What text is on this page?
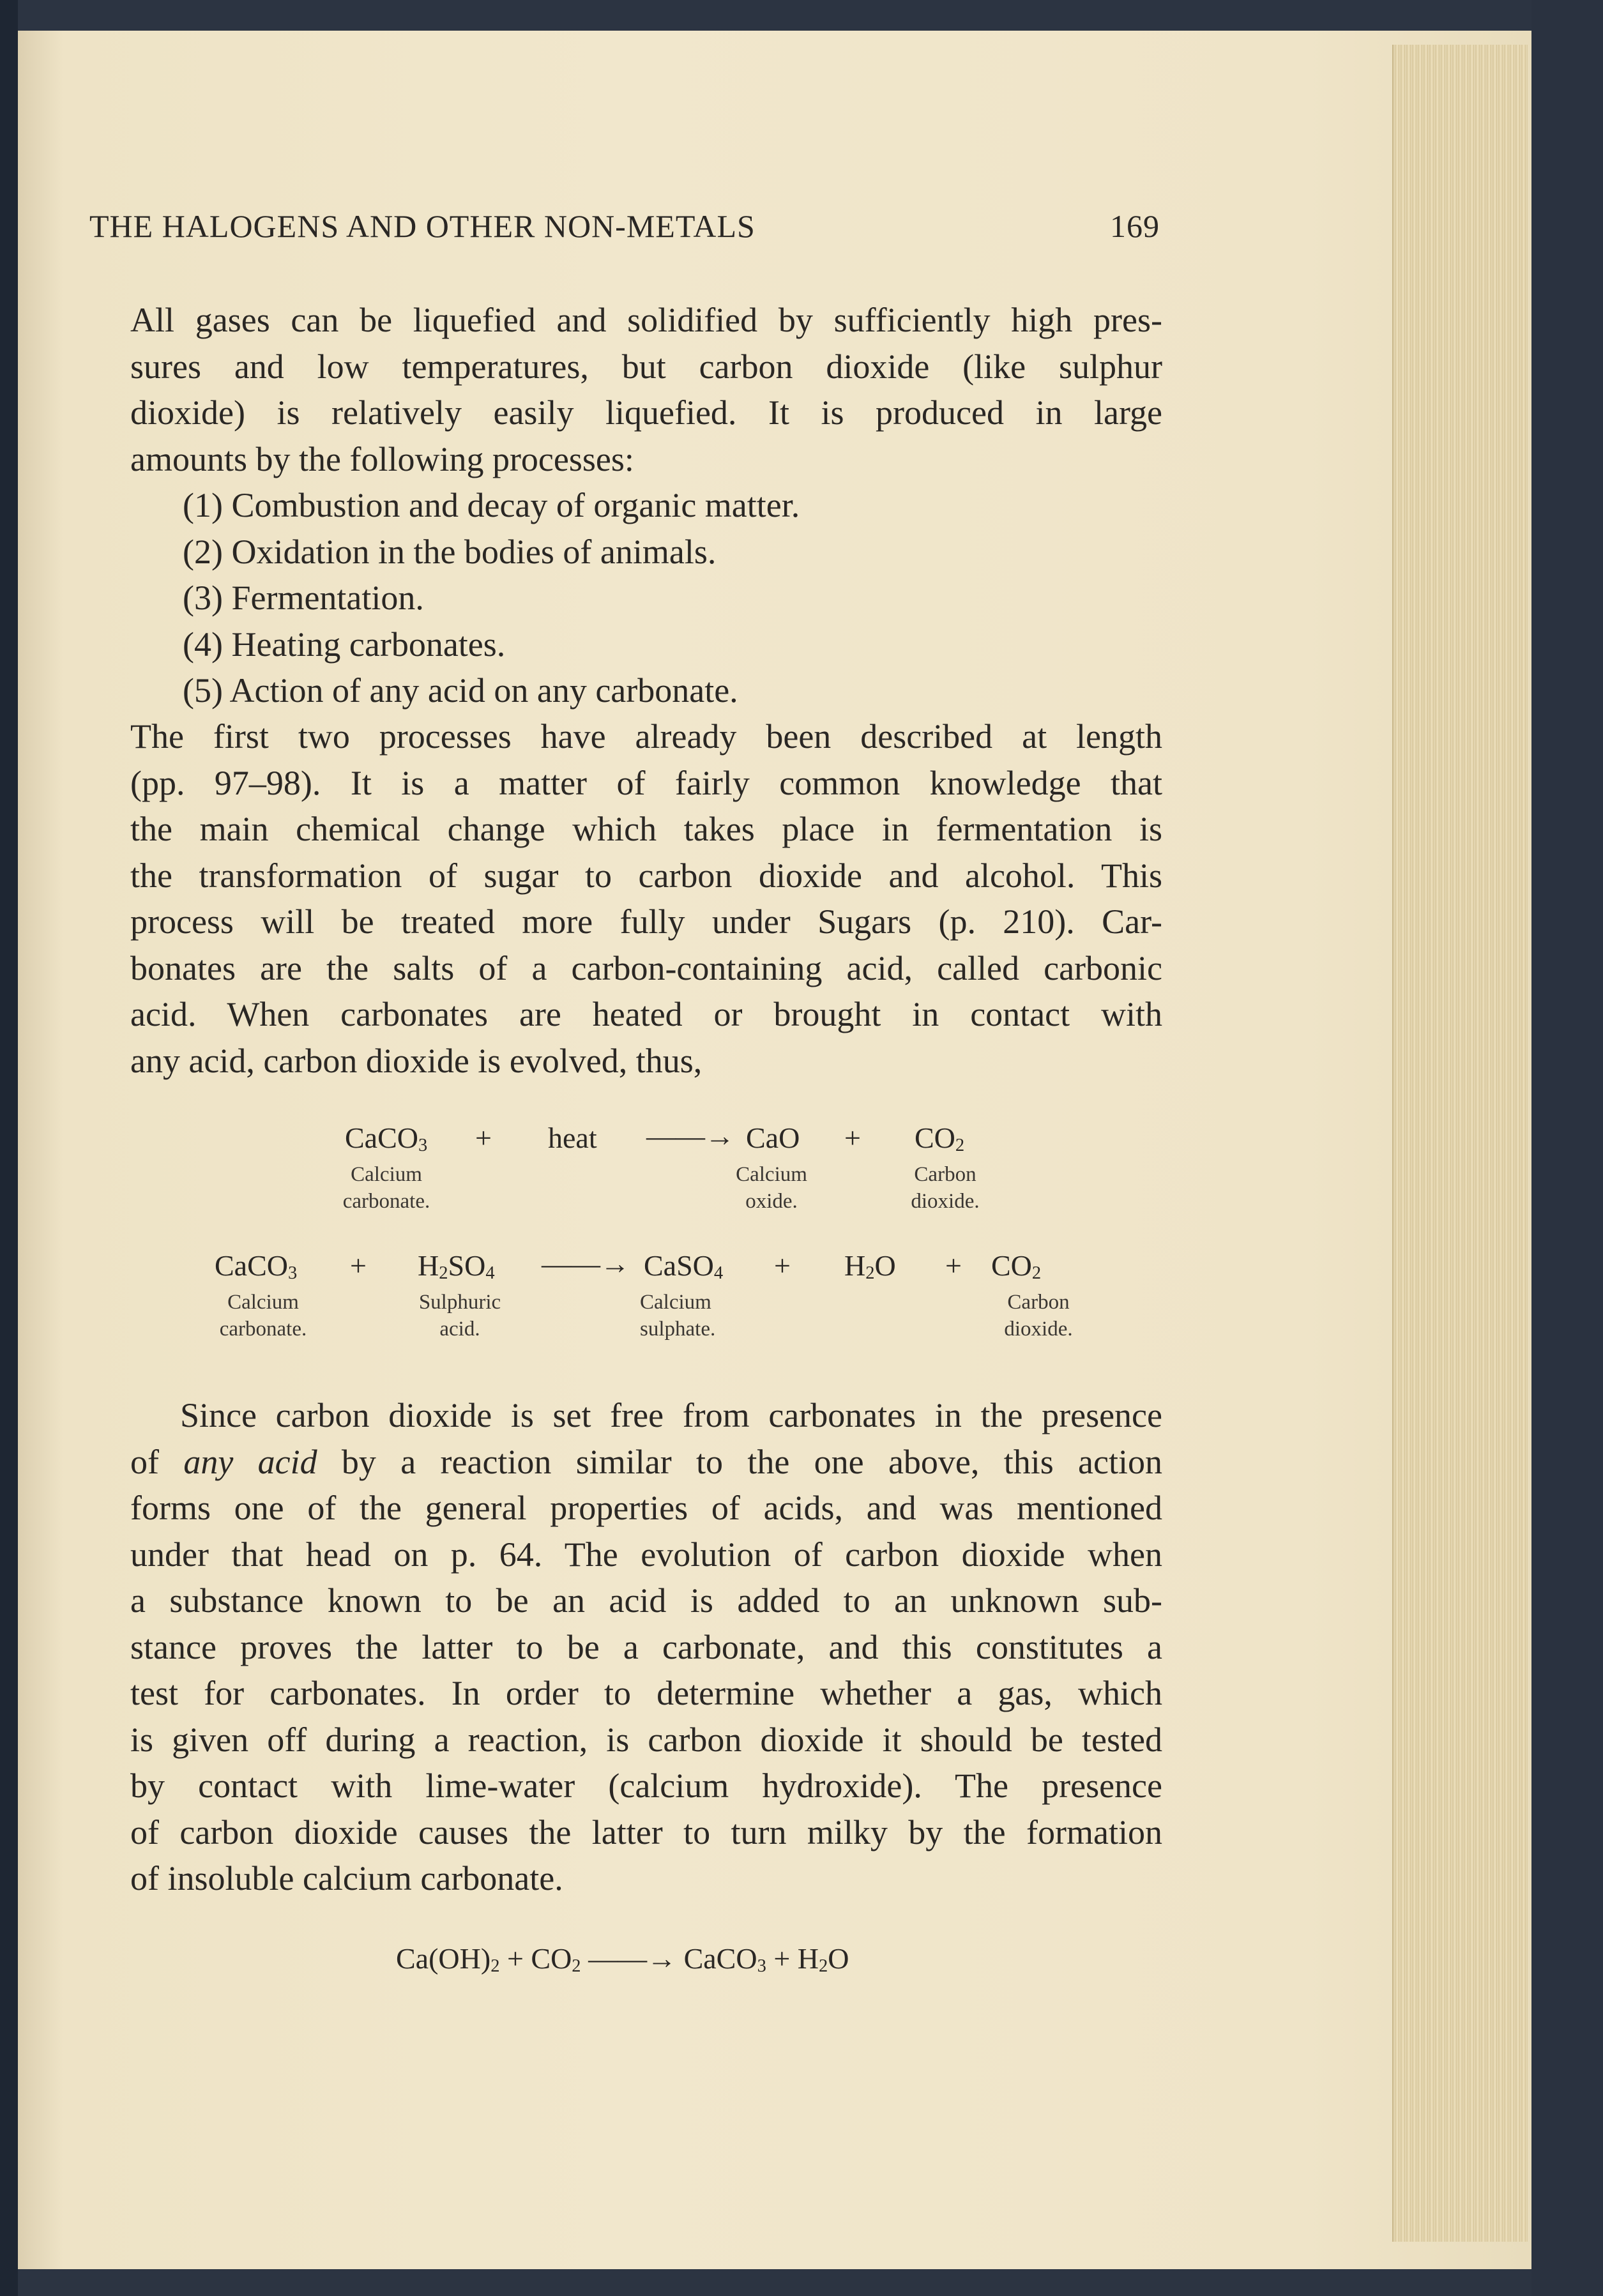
THE HALOGENS AND OTHER NON-METALS	169
All gases can be liquefied and solidified by sufficiently high pres-
sures and low temperatures, but carbon dioxide (like sulphur
dioxide) is relatively easily liquefied. It is produced in large
amounts by the following processes:
(1) Combustion and decay of organic matter.
(2) Oxidation in the bodies of animals.
(3) Fermentation.
(4) Heating carbonates.
(5) Action of any acid on any carbonate.
The first two processes have already been described at length
(pp. 97–98). It is a matter of fairly common knowledge that
the main chemical change which takes place in fermentation is
the transformation of sugar to carbon dioxide and alcohol. This
process will be treated more fully under Sugars (p. 210). Car-
bonates are the salts of a carbon-containing acid, called carbonic
acid. When carbonates are heated or brought in contact with
any acid, carbon dioxide is evolved, thus,
CaCO$_3$ + heat ——→ CaO + $CO_2$
Calcium
carbonate.
Calcium
oxide.
Carbon
dioxide.
CaCO$_3$ + $H_2SO_4$ ——→ CaSO$_4$ + $H_2O + CO_2$
Calcium
carbonate.
Sulphuric
acid.
Calcium
sulphate.
Carbon
dioxide.
Since carbon dioxide is set free from carbonates in the presence
of any acid by a reaction similar to the one above, this action
forms one of the general properties of acids, and was mentioned
under that head on p. 64. The evolution of carbon dioxide when
a substance known to be an acid is added to an unknown sub-
stance proves the latter to be a carbonate, and this constitutes a
test for carbonates. In order to determine whether a gas, which
is given off during a reaction, is carbon dioxide it should be tested
by contact with lime-water (calcium hydroxide). The presence
of carbon dioxide causes the latter to turn milky by the formation
of insoluble calcium carbonate.
$Ca(OH)_2 + CO_2$ ——→ CaCO$_3$ + $H_2O$
